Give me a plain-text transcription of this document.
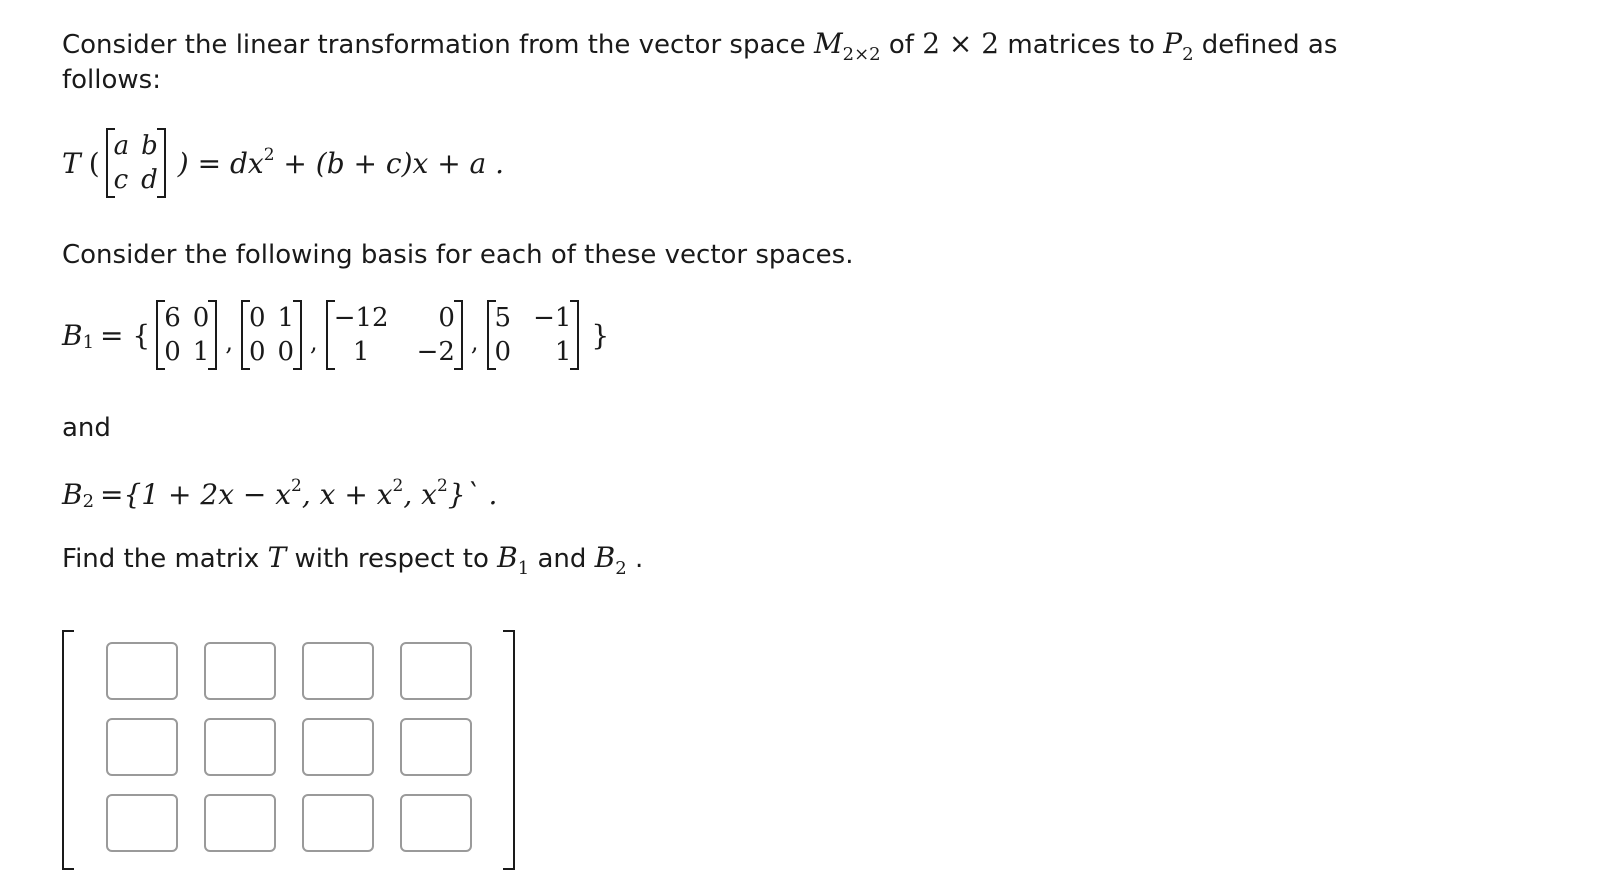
Consider the linear transformation from the vector space $M_{2\times 2}$ of 2 × 2 matrices to $P_2$ defined as
follows:
T (
a b
c d
) = $dx^2 + (b + c)x + a$ .
Consider the following basis for each of these vector spaces.
B 1 = {
6 0
0 1 ,
0 1
0 0 ,
−12	0
1	−2 ,
5 −1
0	1
}
and
B $2 =\{1 + 2x - x^2$, $x + x^2$, $x^2\}`$ .
Find the matrix T with respect to $B_1$ and $B_2$ .
